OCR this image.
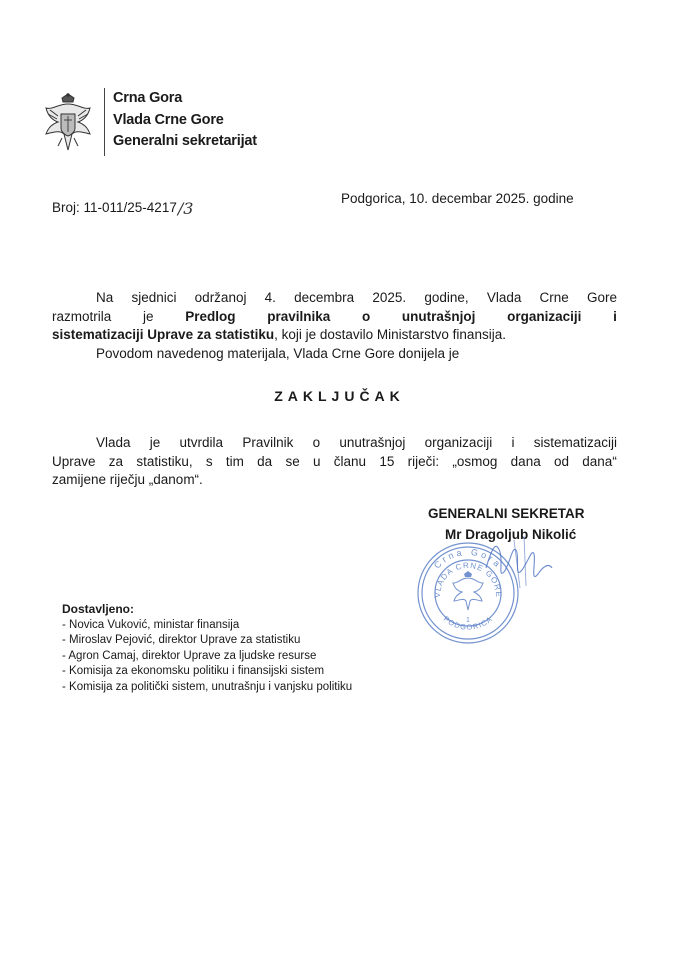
Crna Gora
Vlada Crne Gore
Generalni sekretarijat
Broj: 11-011/25-4217/3
Podgorica, 10. decembar 2025. godine
Na sjednici održanoj 4. decembra 2025. godine, Vlada Crne Gore
razmotrila je Predlog pravilnika o unutrašnjoj organizaciji i
sistematizaciji Uprave za statistiku, koji je dostavilo Ministarstvo finansija.
Povodom navedenog materijala, Vlada Crne Gore donijela je
ZAKLJUČAK
Vlada je utvrdila Pravilnik o unutrašnjoj organizaciji i sistematizaciji
Uprave za statistiku, s tim da se u članu 15 riječi: „osmog dana od dana“
zamijene riječju „danom“.
GENERALNI SEKRETAR
Mr Dragoljub Nikolić
Crna Gora
VLADA CRNE GORE
PODGORICA
1
Dostavljeno:
- Novica Vuković, ministar finansija
- Miroslav Pejović, direktor Uprave za statistiku
- Agron Camaj, direktor Uprave za ljudske resurse
- Komisija za ekonomsku politiku i finansijski sistem
- Komisija za politički sistem, unutrašnju i vanjsku politiku
